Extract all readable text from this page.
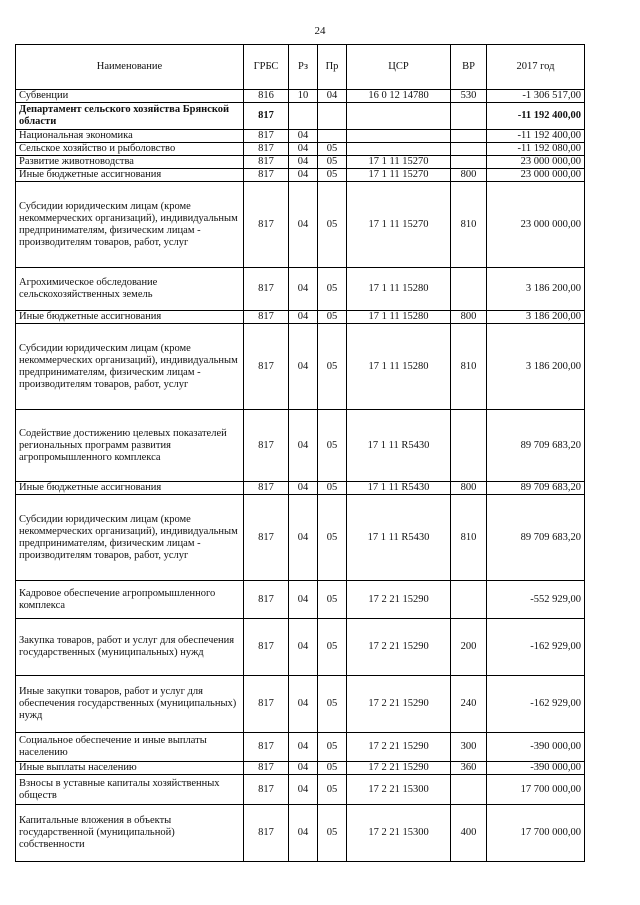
24
Наименование	ГРБС	Рз	Пр	ЦСР	ВР	2017 год
Субвенции	816	10	04	16 0 12 14780	530	-1 306 517,00
Департамент сельского хозяйства Брянской области	817					-11 192 400,00
Национальная экономика	817	04				-11 192 400,00
Сельское хозяйство и рыболовство	817	04	05			-11 192 080,00
Развитие животноводства	817	04	05	17 1 11 15270		23 000 000,00
Иные бюджетные ассигнования	817	04	05	17 1 11 15270	800	23 000 000,00
Субсидии юридическим лицам (кроме некоммерческих организаций), индивидуальным предпринимателям, физическим лицам - производителям товаров, работ, услуг	817	04	05	17 1 11 15270	810	23 000 000,00
Агрохимическое обследование сельскохозяйственных земель	817	04	05	17 1 11 15280		3 186 200,00
Иные бюджетные ассигнования	817	04	05	17 1 11 15280	800	3 186 200,00
Субсидии юридическим лицам (кроме некоммерческих организаций), индивидуальным предпринимателям, физическим лицам - производителям товаров, работ, услуг	817	04	05	17 1 11 15280	810	3 186 200,00
Содействие достижению целевых показателей региональных программ развития агропромышленного комплекса	817	04	05	17 1 11 R5430		89 709 683,20
Иные бюджетные ассигнования	817	04	05	17 1 11 R5430	800	89 709 683,20
Субсидии юридическим лицам (кроме некоммерческих организаций), индивидуальным предпринимателям, физическим лицам - производителям товаров, работ, услуг	817	04	05	17 1 11 R5430	810	89 709 683,20
Кадровое обеспечение агропромышленного комплекса	817	04	05	17 2 21 15290		-552 929,00
Закупка товаров, работ и услуг для обеспечения государственных (муниципальных) нужд	817	04	05	17 2 21 15290	200	-162 929,00
Иные закупки товаров, работ и услуг для обеспечения государственных (муниципальных) нужд	817	04	05	17 2 21 15290	240	-162 929,00
Социальное обеспечение и иные выплаты населению	817	04	05	17 2 21 15290	300	-390 000,00
Иные выплаты населению	817	04	05	17 2 21 15290	360	-390 000,00
Взносы в уставные капиталы хозяйственных обществ	817	04	05	17 2 21 15300		17 700 000,00
Капитальные вложения в объекты государственной (муниципальной) собственности	817	04	05	17 2 21 15300	400	17 700 000,00
